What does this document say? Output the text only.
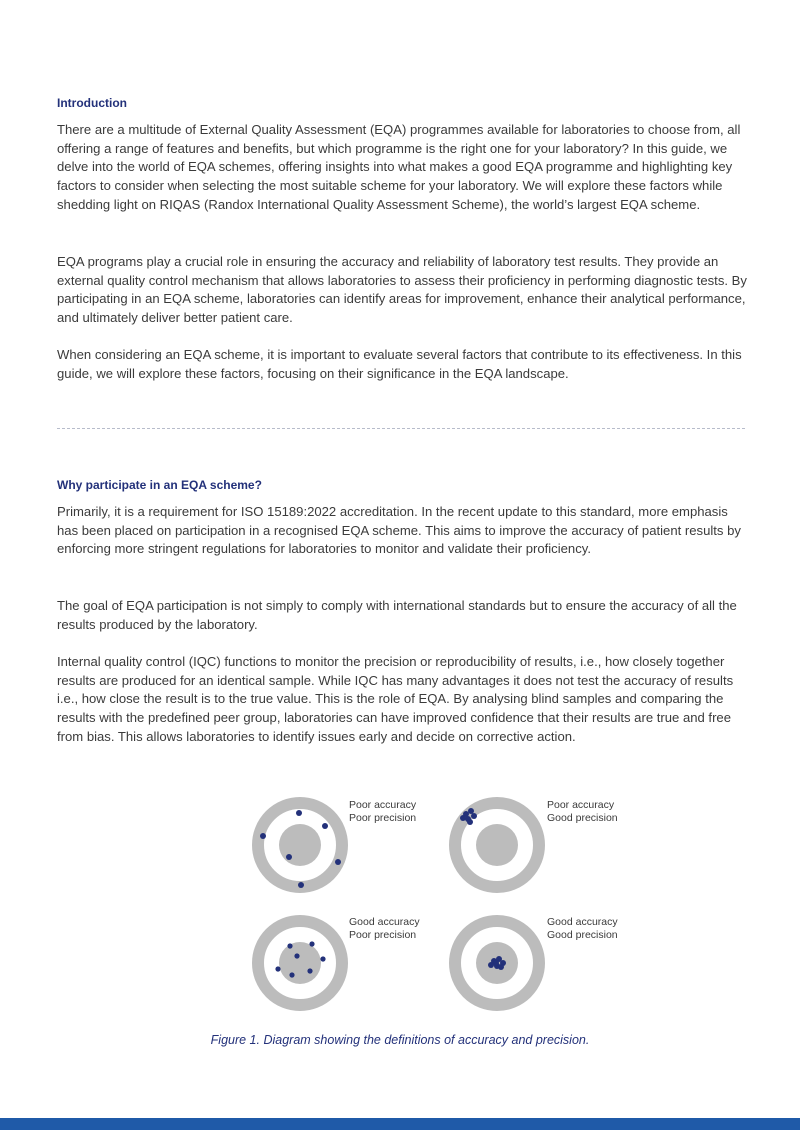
Introduction

There are a multitude of External Quality Assessment (EQA) programmes available for laboratories to choose from, all offering a range of features and benefits, but which programme is the right one for your laboratory? In this guide, we delve into the world of EQA schemes, offering insights into what makes a good EQA programme and highlighting key factors to consider when selecting the most suitable scheme for your laboratory. We will explore these factors while shedding light on RIQAS (Randox International Quality Assessment Scheme), the world’s largest EQA scheme.

EQA programs play a crucial role in ensuring the accuracy and reliability of laboratory test results. They provide an external quality control mechanism that allows laboratories to assess their proficiency in performing diagnostic tests. By participating in an EQA scheme, laboratories can identify areas for improvement, enhance their analytical performance, and ultimately deliver better patient care.

When considering an EQA scheme, it is important to evaluate several factors that contribute to its effectiveness. In this guide, we will explore these factors, focusing on their significance in the EQA landscape.

Why participate in an EQA scheme?

Primarily, it is a requirement for ISO 15189:2022 accreditation. In the recent update to this standard, more emphasis has been placed on participation in a recognised EQA scheme. This aims to improve the accuracy of patient results by enforcing more stringent regulations for laboratories to monitor and validate their proficiency.

The goal of EQA participation is not simply to comply with international standards but to ensure the accuracy of all the results produced by the laboratory.

Internal quality control (IQC) functions to monitor the precision or reproducibility of results, i.e., how closely together results are produced for an identical sample. While IQC has many advantages it does not test the accuracy of results i.e., how close the result is to the true value. This is the role of EQA. By analysing blind samples and comparing the results with the predefined peer group, laboratories can have improved confidence that their results are true and free from bias. This allows laboratories to identify issues early and decide on corrective action.

Poor accuracy
Poor precision
Poor accuracy
Good precision
Good accuracy
Poor precision
Good accuracy
Good precision
Figure 1. Diagram showing the definitions of accuracy and precision.
